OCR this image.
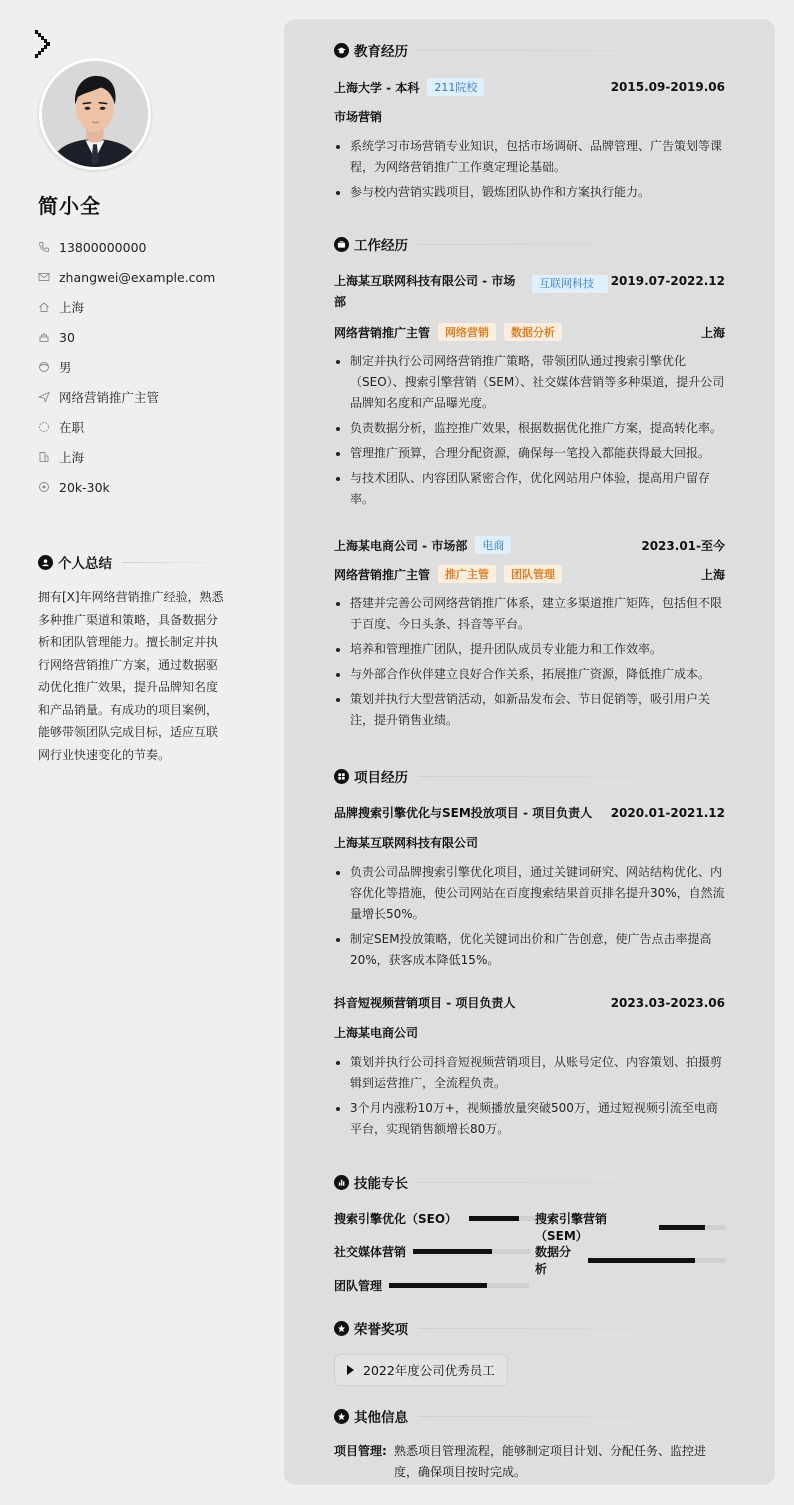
简小全
13800000000
zhangwei@example.com
上海
30
男
网络营销推广主管
在职
上海
20k-30k
个人总结
拥有[X]年网络营销推广经验，熟悉多种推广渠道和策略，具备数据分析和团队管理能力。擅长制定并执行网络营销推广方案，通过数据驱动优化推广效果，提升品牌知名度和产品销量。有成功的项目案例，能够带领团队完成目标，适应互联网行业快速变化的节奏。
教育经历
上海大学 - 本科	211院校	2015.09-2019.06
市场营销
系统学习市场营销专业知识，包括市场调研、品牌管理、广告策划等课程，为网络营销推广工作奠定理论基础。
参与校内营销实践项目，锻炼团队协作和方案执行能力。
工作经历
上海某互联网科技有限公司 - 市场部
互联网科技	2019.07-2022.12
网络营销推广主管	网络营销	数据分析	上海
制定并执行公司网络营销推广策略，带领团队通过搜索引擎优化（SEO）、搜索引擎营销（SEM）、社交媒体营销等多种渠道，提升公司品牌知名度和产品曝光度。
负责数据分析，监控推广效果，根据数据优化推广方案，提高转化率。
管理推广预算，合理分配资源，确保每一笔投入都能获得最大回报。
与技术团队、内容团队紧密合作，优化网站用户体验，提高用户留存率。
上海某电商公司 - 市场部	电商	2023.01-至今
网络营销推广主管	推广主管	团队管理	上海
搭建并完善公司网络营销推广体系，建立多渠道推广矩阵，包括但不限于百度、今日头条、抖音等平台。
培养和管理推广团队，提升团队成员专业能力和工作效率。
与外部合作伙伴建立良好合作关系，拓展推广资源，降低推广成本。
策划并执行大型营销活动，如新品发布会、节日促销等，吸引用户关注，提升销售业绩。
项目经历
品牌搜索引擎优化与SEM投放项目 - 项目负责人 2020.01-2021.12
上海某互联网科技有限公司
负责公司品牌搜索引擎优化项目，通过关键词研究、网站结构优化、内容优化等措施，使公司网站在百度搜索结果首页排名提升30%，自然流量增长50%。
制定SEM投放策略，优化关键词出价和广告创意，使广告点击率提高20%，获客成本降低15%。
抖音短视频营销项目 - 项目负责人	2023.03-2023.06
上海某电商公司
策划并执行公司抖音短视频营销项目，从账号定位、内容策划、拍摄剪辑到运营推广，全流程负责。
3个月内涨粉10万+，视频播放量突破500万，通过短视频引流至电商平台，实现销售额增长80万。
技能专长
搜索引擎优化（SEO）	搜索引擎营销（SEM）
社交媒体营销	数据分析
团队管理
荣誉奖项
2022年度公司优秀员工
其他信息
项目管理: 熟悉项目管理流程，能够制定项目计划、分配任务、监控进度，确保项目按时完成。
